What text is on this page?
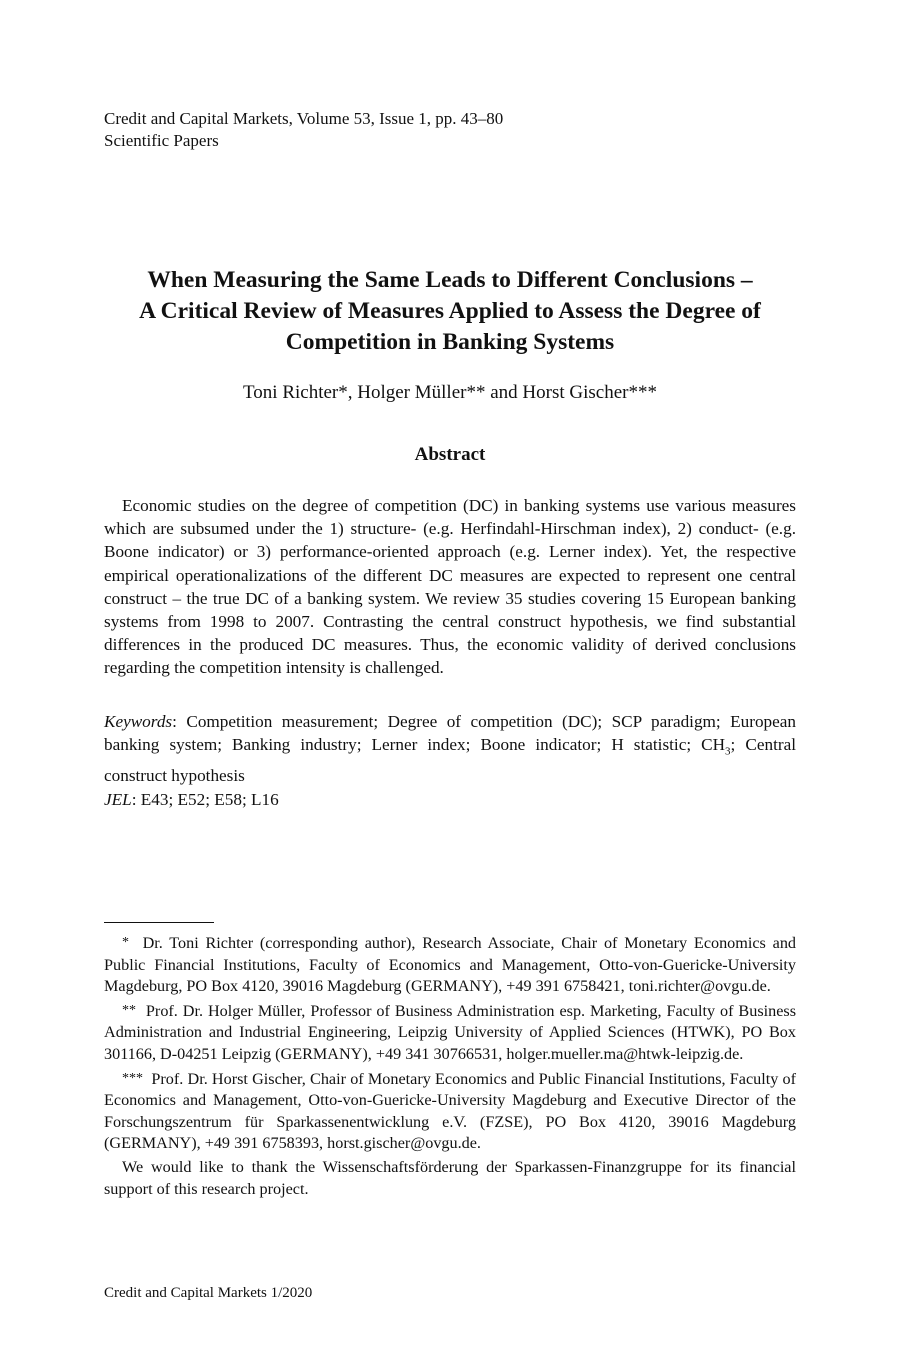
Credit and Capital Markets, Volume 53, Issue 1, pp. 43–80
Scientific Papers
When Measuring the Same Leads to Different Conclusions –
A Critical Review of Measures Applied to Assess the Degree of
Competition in Banking Systems
Toni Richter*, Holger Müller** and Horst Gischer***
Abstract

Economic studies on the degree of competition (DC) in banking systems use various measures which are subsumed under the 1) structure- (e.g. Herfindahl-Hirschman index), 2) conduct- (e.g. Boone indicator) or 3) performance-oriented approach (e.g. Lerner index). Yet, the respective empirical operationalizations of the different DC measures are expected to represent one central construct – the true DC of a banking system. We review 35 studies covering 15 European banking systems from 1998 to 2007. Contrasting the central construct hypothesis, we find substantial differences in the produced DC measures. Thus, the economic validity of derived conclusions regarding the competition intensity is challenged.

Keywords: Competition measurement; Degree of competition (DC); SCP paradigm; European banking system; Banking industry; Lerner index; Boone indicator; H statistic; $CH_3$; Central construct hypothesis

JEL: E43; E52; E58; L16

* Dr. Toni Richter (corresponding author), Research Associate, Chair of Monetary Economics and Public Financial Institutions, Faculty of Economics and Management, Otto-von-Guericke-University Magdeburg, PO Box 4120, 39016 Magdeburg (GERMANY), +49 391 6758421, toni.richter@ovgu.de.

** Prof. Dr. Holger Müller, Professor of Business Administration esp. Marketing, Faculty of Business Administration and Industrial Engineering, Leipzig University of Applied Sciences (HTWK), PO Box 301166, D-04251 Leipzig (GERMANY), +49 341 30766531, holger.mueller.ma@htwk-leipzig.de.

*** Prof. Dr. Horst Gischer, Chair of Monetary Economics and Public Financial Institutions, Faculty of Economics and Management, Otto-von-Guericke-University Magdeburg and Executive Director of the Forschungszentrum für Sparkassenentwicklung e.V. (FZSE), PO Box 4120, 39016 Magdeburg (GERMANY), +49 391 6758393, horst.gischer@ovgu.de.

We would like to thank the Wissenschaftsförderung der Sparkassen-Finanzgruppe for its financial support of this research project.

Credit and Capital Markets 1/2020
